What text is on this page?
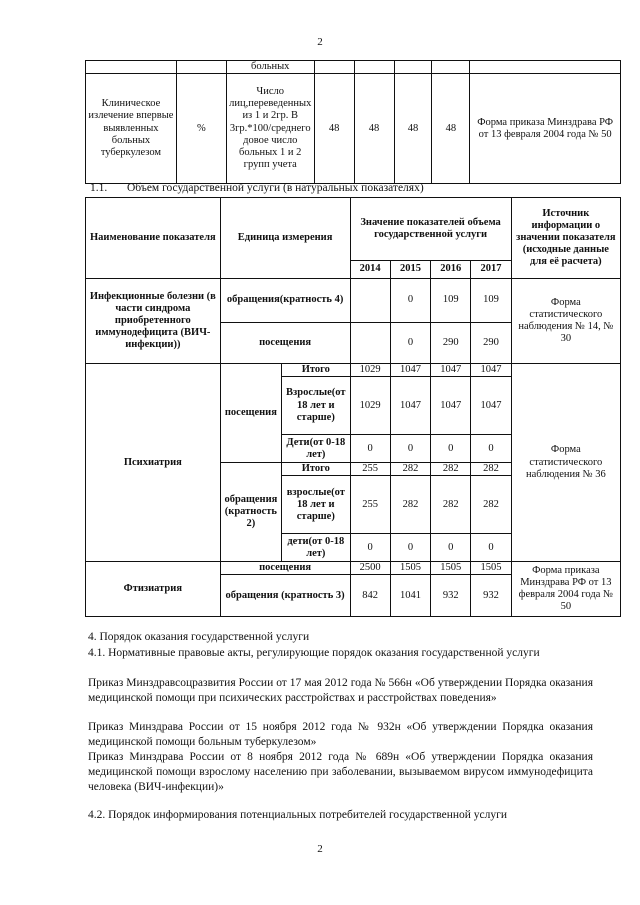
2
		больных					
Клиническое излечение впервые выявленных больных туберкулезом	%	Число лиц,переведенных из 1 и 2гр. В 3гр.*100/среднего довое число больных 1 и 2 групп учета	48	48	48	48	Форма приказа Минздрава РФ от 13 февраля 2004 года № 50
1.1. Объем государственной услуги (в натуральных показателях)
Наименование показателя	Единица измерения		Значение показателей объема государственной услуги				Источник информации о значении показателя (исходные данные для её расчета)
			2014	2015	2016	2017	
Инфекционные болезни (в части синдрома приобретенного иммунодефицита (ВИЧ-инфекции))	обращения(кратность 4)			0	109	109	Форма статистического наблюдения № 14, № 30
	посещения			0	290	290	
Психиатрия	посещения	Итого	1029	1047	1047	1047	Форма статистического наблюдения № 36
		Взрослые(от 18 лет и старше)	1029	1047	1047	1047	
		Дети(от 0-18 лет)	0	0	0	0	
	обращения (кратность 2)	Итого	255	282	282	282	
		взрослые(от 18 лет и старше)	255	282	282	282	
		дети(от 0-18 лет)	0	0	0	0	
Фтизиатрия	посещения		2500	1505	1505	1505	Форма приказа Минздрава РФ от 13 февраля 2004 года № 50
	обращения (кратность 3)		842	1041	932	932	
4. Порядок оказания государственной услуги
4.1. Нормативные правовые акты, регулирующие порядок оказания государственной услуги
Приказ Минздравсоцразвития России от 17 мая 2012 года № 566н «Об утверждении Порядка оказания медицинской помощи при психических расстройствах и расстройствах поведения»
Приказ Минздрава России от 15 ноября 2012 года № 932н «Об утверждении Порядка оказания медицинской помощи больным туберкулезом»
Приказ Минздрава России от 8 ноября 2012 года № 689н «Об утверждении Порядка оказания медицинской помощи взрослому населению при заболевании, вызываемом вирусом иммунодефицита человека (ВИЧ-инфекции)»
4.2. Порядок информирования потенциальных потребителей государственной услуги
2
